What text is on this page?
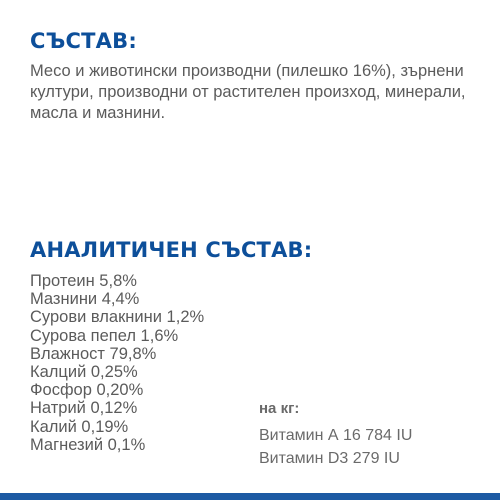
СЪСТАВ:

Месо и животински производни (пилешко 16%), зърнени култури, производни от растителен произход, минерали, масла и мазнини.

АНАЛИТИЧЕН СЪСТАВ:
Протеин 5,8%
Мазнини 4,4%
Сурови влакнини 1,2%
Сурова пепел 1,6%
Влажност 79,8%
Калций 0,25%
Фосфор 0,20%
Натрий 0,12%
Калий 0,19%
Магнезий 0,1%

на кг:

Витамин А 16 784 IU
Витамин D3 279 IU
